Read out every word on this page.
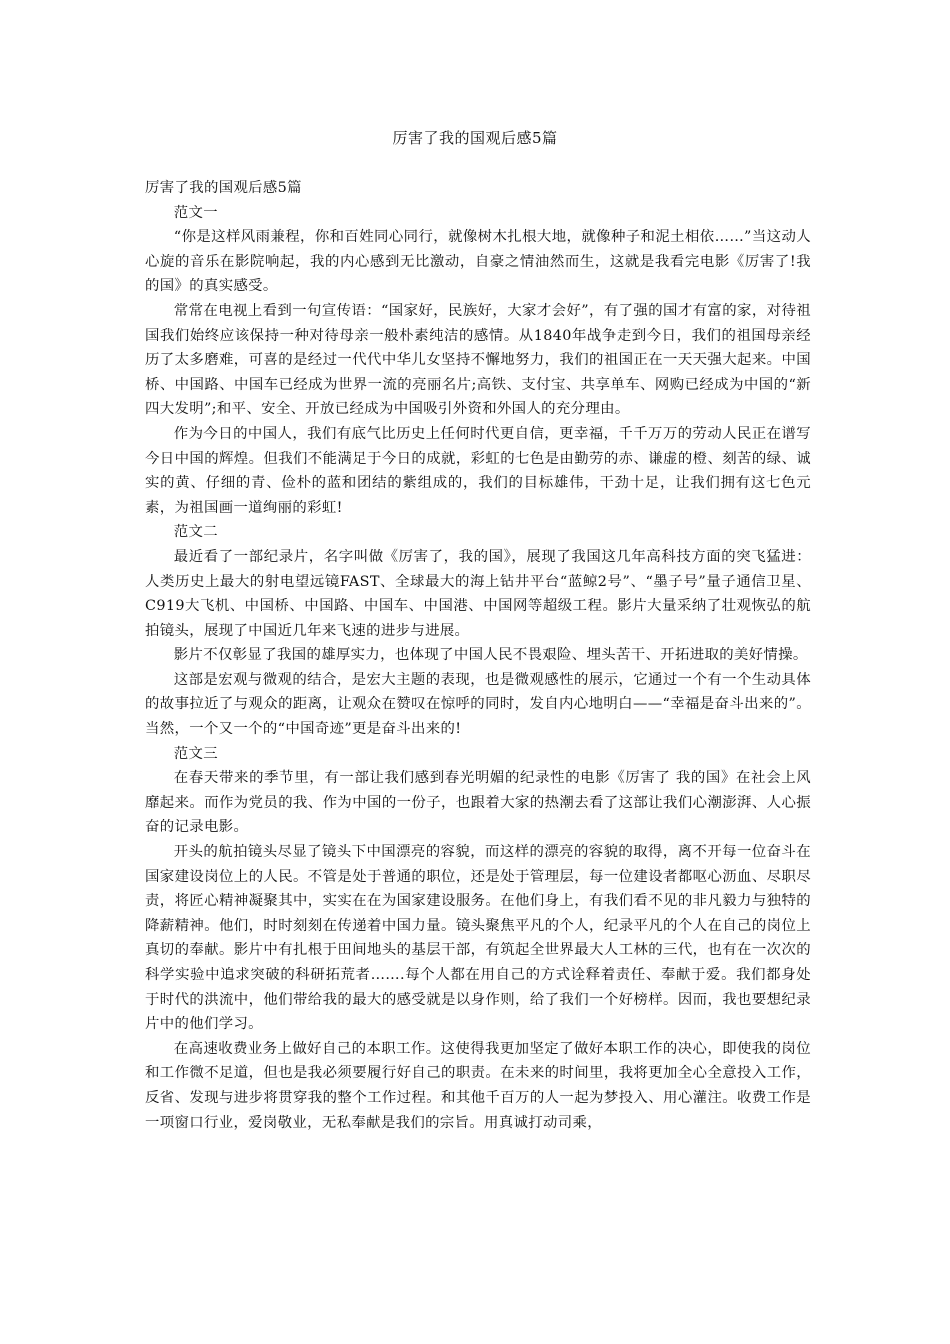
厉害了我的国观后感5篇

厉害了我的国观后感5篇

范文一

“你是这样风雨兼程，你和百姓同心同行，就像树木扎根大地，就像种子和泥土相依……”当这动人心旋的音乐在影院响起，我的内心感到无比激动，自豪之情油然而生，这就是我看完电影《厉害了!我的国》的真实感受。

常常在电视上看到一句宣传语：“国家好，民族好，大家才会好”，有了强的国才有富的家，对待祖国我们始终应该保持一种对待母亲一般朴素纯洁的感情。从1840年战争走到今日，我们的祖国母亲经历了太多磨难，可喜的是经过一代代中华儿女坚持不懈地努力，我们的祖国正在一天天强大起来。中国桥、中国路、中国车已经成为世界一流的亮丽名片;高铁、支付宝、共享单车、网购已经成为中国的“新四大发明”;和平、安全、开放已经成为中国吸引外资和外国人的充分理由。

作为今日的中国人，我们有底气比历史上任何时代更自信，更幸福，千千万万的劳动人民正在谱写今日中国的辉煌。但我们不能满足于今日的成就，彩虹的七色是由勤劳的赤、谦虚的橙、刻苦的绿、诚实的黄、仔细的青、俭朴的蓝和团结的紫组成的，我们的目标雄伟，干劲十足，让我们拥有这七色元素，为祖国画一道绚丽的彩虹!

范文二

最近看了一部纪录片，名字叫做《厉害了，我的国》，展现了我国这几年高科技方面的突飞猛进：人类历史上最大的射电望远镜FAST、全球最大的海上钻井平台“蓝鲸2号”、“墨子号”量子通信卫星、C919大飞机、中国桥、中国路、中国车、中国港、中国网等超级工程。影片大量采纳了壮观恢弘的航拍镜头，展现了中国近几年来飞速的进步与进展。

影片不仅彰显了我国的雄厚实力，也体现了中国人民不畏艰险、埋头苦干、开拓进取的美好情操。

这部是宏观与微观的结合，是宏大主题的表现，也是微观感性的展示，它通过一个有一个生动具体的故事拉近了与观众的距离，让观众在赞叹在惊呼的同时，发自内心地明白——“幸福是奋斗出来的”。当然，一个又一个的“中国奇迹”更是奋斗出来的!

范文三

在春天带来的季节里，有一部让我们感到春光明媚的纪录性的电影《厉害了 我的国》在社会上风靡起来。而作为党员的我、作为中国的一份子，也跟着大家的热潮去看了这部让我们心潮澎湃、人心振奋的记录电影。

开头的航拍镜头尽显了镜头下中国漂亮的容貌，而这样的漂亮的容貌的取得，离不开每一位奋斗在国家建设岗位上的人民。不管是处于普通的职位，还是处于管理层，每一位建设者都呕心沥血、尽职尽责，将匠心精神凝聚其中，实实在在为国家建设服务。在他们身上，有我们看不见的非凡毅力与独特的降薪精神。他们，时时刻刻在传递着中国力量。镜头聚焦平凡的个人，纪录平凡的个人在自己的岗位上真切的奉献。影片中有扎根于田间地头的基层干部，有筑起全世界最大人工林的三代，也有在一次次的科学实验中追求突破的科研拓荒者…….每个人都在用自己的方式诠释着责任、奉献于爱。我们都身处于时代的洪流中，他们带给我的最大的感受就是以身作则，给了我们一个好榜样。因而，我也要想纪录片中的他们学习。

在高速收费业务上做好自己的本职工作。这使得我更加坚定了做好本职工作的决心，即使我的岗位和工作微不足道，但也是我必须要履行好自己的职责。在未来的时间里，我将更加全心全意投入工作，反省、发现与进步将贯穿我的整个工作过程。和其他千百万的人一起为梦投入、用心灌注。收费工作是一项窗口行业，爱岗敬业，无私奉献是我们的宗旨。用真诚打动司乘，
